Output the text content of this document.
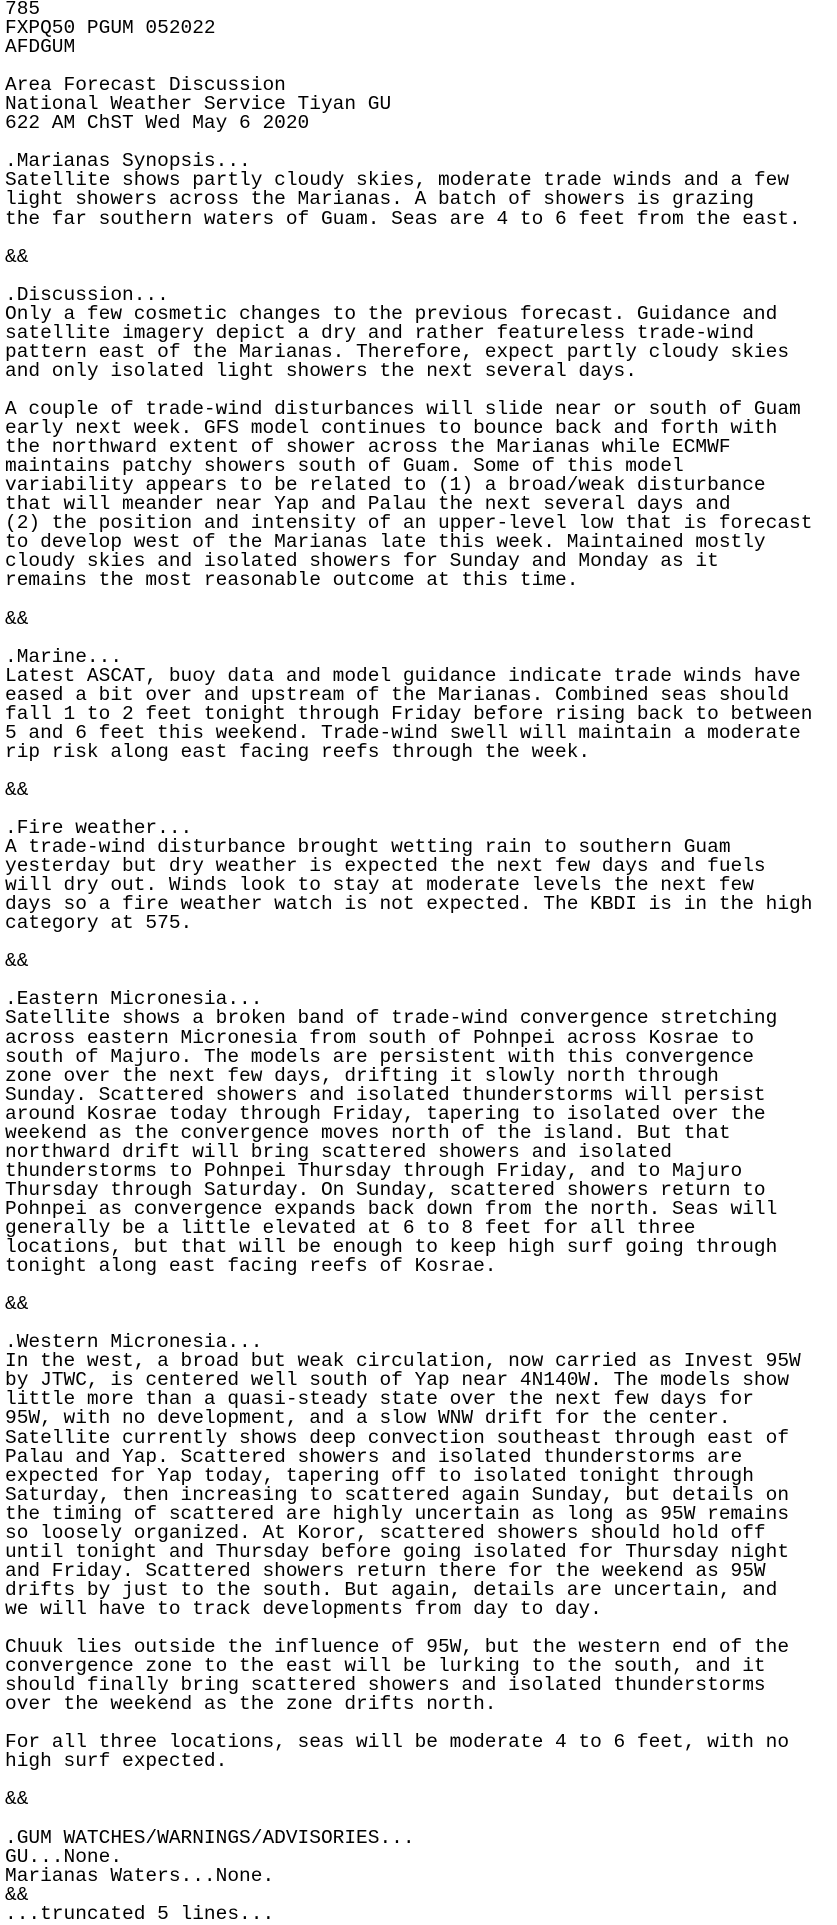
785
FXPQ50 PGUM 052022
AFDGUM

Area Forecast Discussion
National Weather Service Tiyan GU
622 AM ChST Wed May 6 2020

.Marianas Synopsis...
Satellite shows partly cloudy skies, moderate trade winds and a few
light showers across the Marianas. A batch of showers is grazing
the far southern waters of Guam. Seas are 4 to 6 feet from the east.

&&

.Discussion...
Only a few cosmetic changes to the previous forecast. Guidance and
satellite imagery depict a dry and rather featureless trade-wind
pattern east of the Marianas. Therefore, expect partly cloudy skies
and only isolated light showers the next several days.

A couple of trade-wind disturbances will slide near or south of Guam
early next week. GFS model continues to bounce back and forth with
the northward extent of shower across the Marianas while ECMWF
maintains patchy showers south of Guam. Some of this model
variability appears to be related to (1) a broad/weak disturbance
that will meander near Yap and Palau the next several days and
(2) the position and intensity of an upper-level low that is forecast
to develop west of the Marianas late this week. Maintained mostly
cloudy skies and isolated showers for Sunday and Monday as it
remains the most reasonable outcome at this time.

&&

.Marine...
Latest ASCAT, buoy data and model guidance indicate trade winds have
eased a bit over and upstream of the Marianas. Combined seas should
fall 1 to 2 feet tonight through Friday before rising back to between
5 and 6 feet this weekend. Trade-wind swell will maintain a moderate
rip risk along east facing reefs through the week.

&&

.Fire weather...
A trade-wind disturbance brought wetting rain to southern Guam
yesterday but dry weather is expected the next few days and fuels
will dry out. Winds look to stay at moderate levels the next few
days so a fire weather watch is not expected. The KBDI is in the high
category at 575.

&&

.Eastern Micronesia...
Satellite shows a broken band of trade-wind convergence stretching
across eastern Micronesia from south of Pohnpei across Kosrae to
south of Majuro. The models are persistent with this convergence
zone over the next few days, drifting it slowly north through
Sunday. Scattered showers and isolated thunderstorms will persist
around Kosrae today through Friday, tapering to isolated over the
weekend as the convergence moves north of the island. But that
northward drift will bring scattered showers and isolated
thunderstorms to Pohnpei Thursday through Friday, and to Majuro
Thursday through Saturday. On Sunday, scattered showers return to
Pohnpei as convergence expands back down from the north. Seas will
generally be a little elevated at 6 to 8 feet for all three
locations, but that will be enough to keep high surf going through
tonight along east facing reefs of Kosrae.

&&

.Western Micronesia...
In the west, a broad but weak circulation, now carried as Invest 95W
by JTWC, is centered well south of Yap near 4N140W. The models show
little more than a quasi-steady state over the next few days for
95W, with no development, and a slow WNW drift for the center.
Satellite currently shows deep convection southeast through east of
Palau and Yap. Scattered showers and isolated thunderstorms are
expected for Yap today, tapering off to isolated tonight through
Saturday, then increasing to scattered again Sunday, but details on
the timing of scattered are highly uncertain as long as 95W remains
so loosely organized. At Koror, scattered showers should hold off
until tonight and Thursday before going isolated for Thursday night
and Friday. Scattered showers return there for the weekend as 95W
drifts by just to the south. But again, details are uncertain, and
we will have to track developments from day to day.

Chuuk lies outside the influence of 95W, but the western end of the
convergence zone to the east will be lurking to the south, and it
should finally bring scattered showers and isolated thunderstorms
over the weekend as the zone drifts north.

For all three locations, seas will be moderate 4 to 6 feet, with no
high surf expected.

&&

.GUM WATCHES/WARNINGS/ADVISORIES...
GU...None.
Marianas Waters...None.
&&
...truncated 5 lines...
